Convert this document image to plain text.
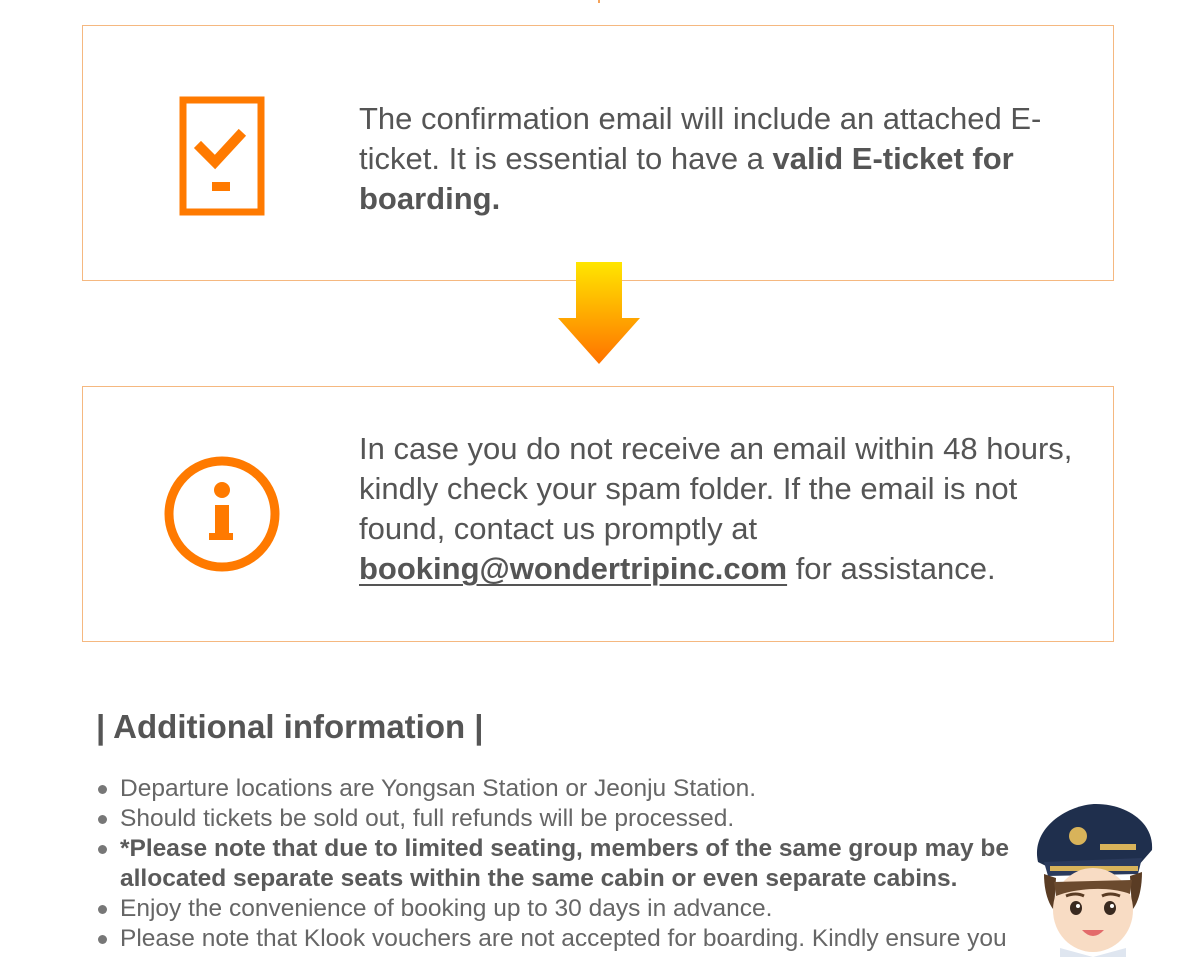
The confirmation email will include an attached E-ticket. It is essential to have a valid E-ticket for boarding.
In case you do not receive an email within 48 hours, kindly check your spam folder. If the email is not found, contact us promptly at booking@wondertripinc.com for assistance.
| Additional information |
Departure locations are Yongsan Station or Jeonju Station.
Should tickets be sold out, full refunds will be processed.
*Please note that due to limited seating, members of the same group may be allocated separate seats within the same cabin or even separate cabins.
Enjoy the convenience of booking up to 30 days in advance.
Please note that Klook vouchers are not accepted for boarding. Kindly ensure you
